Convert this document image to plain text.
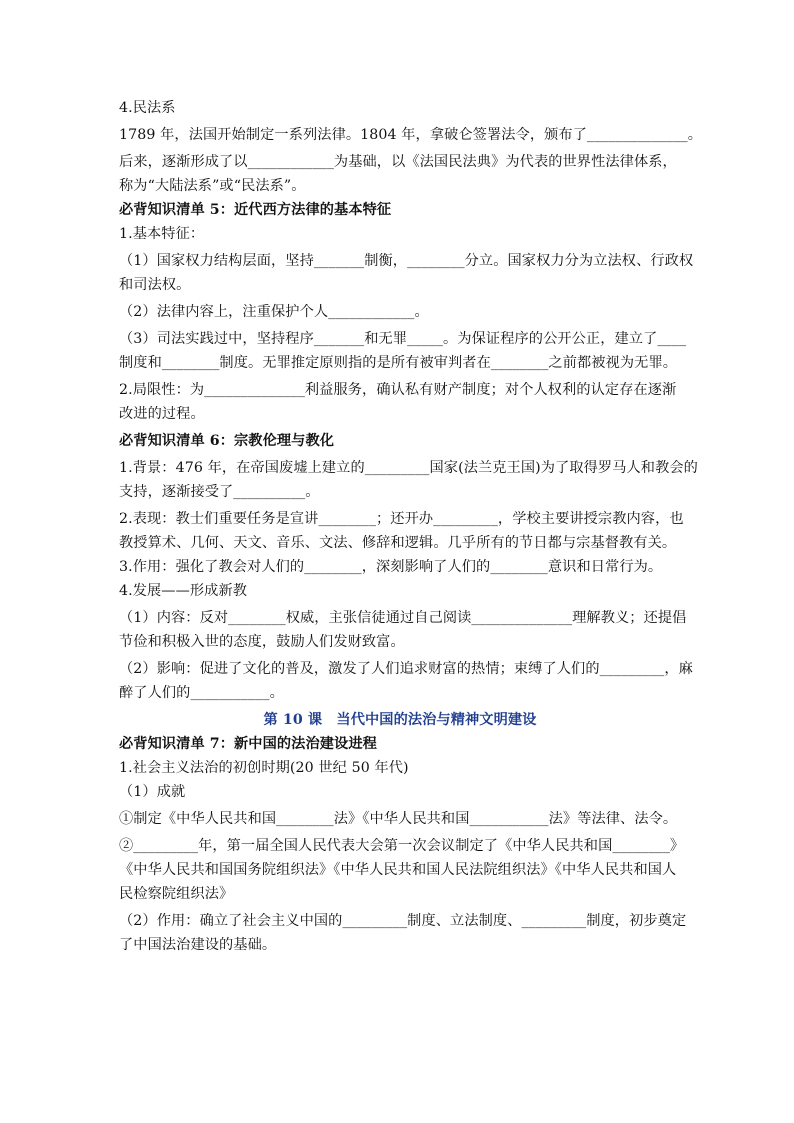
4.民法系

1789 年，法国开始制定一系列法律。1804 年，拿破仑签署法令，颁布了______________。

后来，逐渐形成了以____________为基础，以《法国民法典》为代表的世界性法律体系，

称为“大陆法系”或“民法系”。

必背知识清单 5：近代西方法律的基本特征

1.基本特征：

（1）国家权力结构层面，坚持_______制衡，________分立。国家权力分为立法权、行政权

和司法权。

（2）法律内容上，注重保护个人____________。

（3）司法实践过中，坚持程序_______和无罪_____。为保证程序的公开公正，建立了____

制度和________制度。无罪推定原则指的是所有被审判者在________之前都被视为无罪。

2.局限性：为______________利益服务，确认私有财产制度；对个人权利的认定存在逐渐

改进的过程。

必背知识清单 6：宗教伦理与教化

1.背景：476 年，在帝国废墟上建立的_________国家(法兰克王国)为了取得罗马人和教会的

支持，逐渐接受了__________。

2.表现：教士们重要任务是宣讲________；还开办_________，学校主要讲授宗教内容，也

教授算术、几何、天文、音乐、文法、修辞和逻辑。几乎所有的节日都与宗基督教有关。

3.作用：强化了教会对人们的________，深刻影响了人们的________意识和日常行为。

4.发展——形成新教

（1）内容：反对________权威，主张信徒通过自己阅读______________理解教义；还提倡

节俭和积极入世的态度，鼓励人们发财致富。

（2）影响：促进了文化的普及，激发了人们追求财富的热情；束缚了人们的_________，麻

醉了人们的___________。

第 10 课　当代中国的法治与精神文明建设

必背知识清单 7：新中国的法治建设进程

1.社会主义法治的初创时期(20 世纪 50 年代)

（1）成就

①制定《中华人民共和国________法》《中华人民共和国___________法》等法律、法令。

②_________年，第一届全国人民代表大会第一次会议制定了《中华人民共和国________》

《中华人民共和国国务院组织法》《中华人民共和国人民法院组织法》《中华人民共和国人

民检察院组织法》

（2）作用：确立了社会主义中国的_________制度、立法制度、_________制度，初步奠定

了中国法治建设的基础。
